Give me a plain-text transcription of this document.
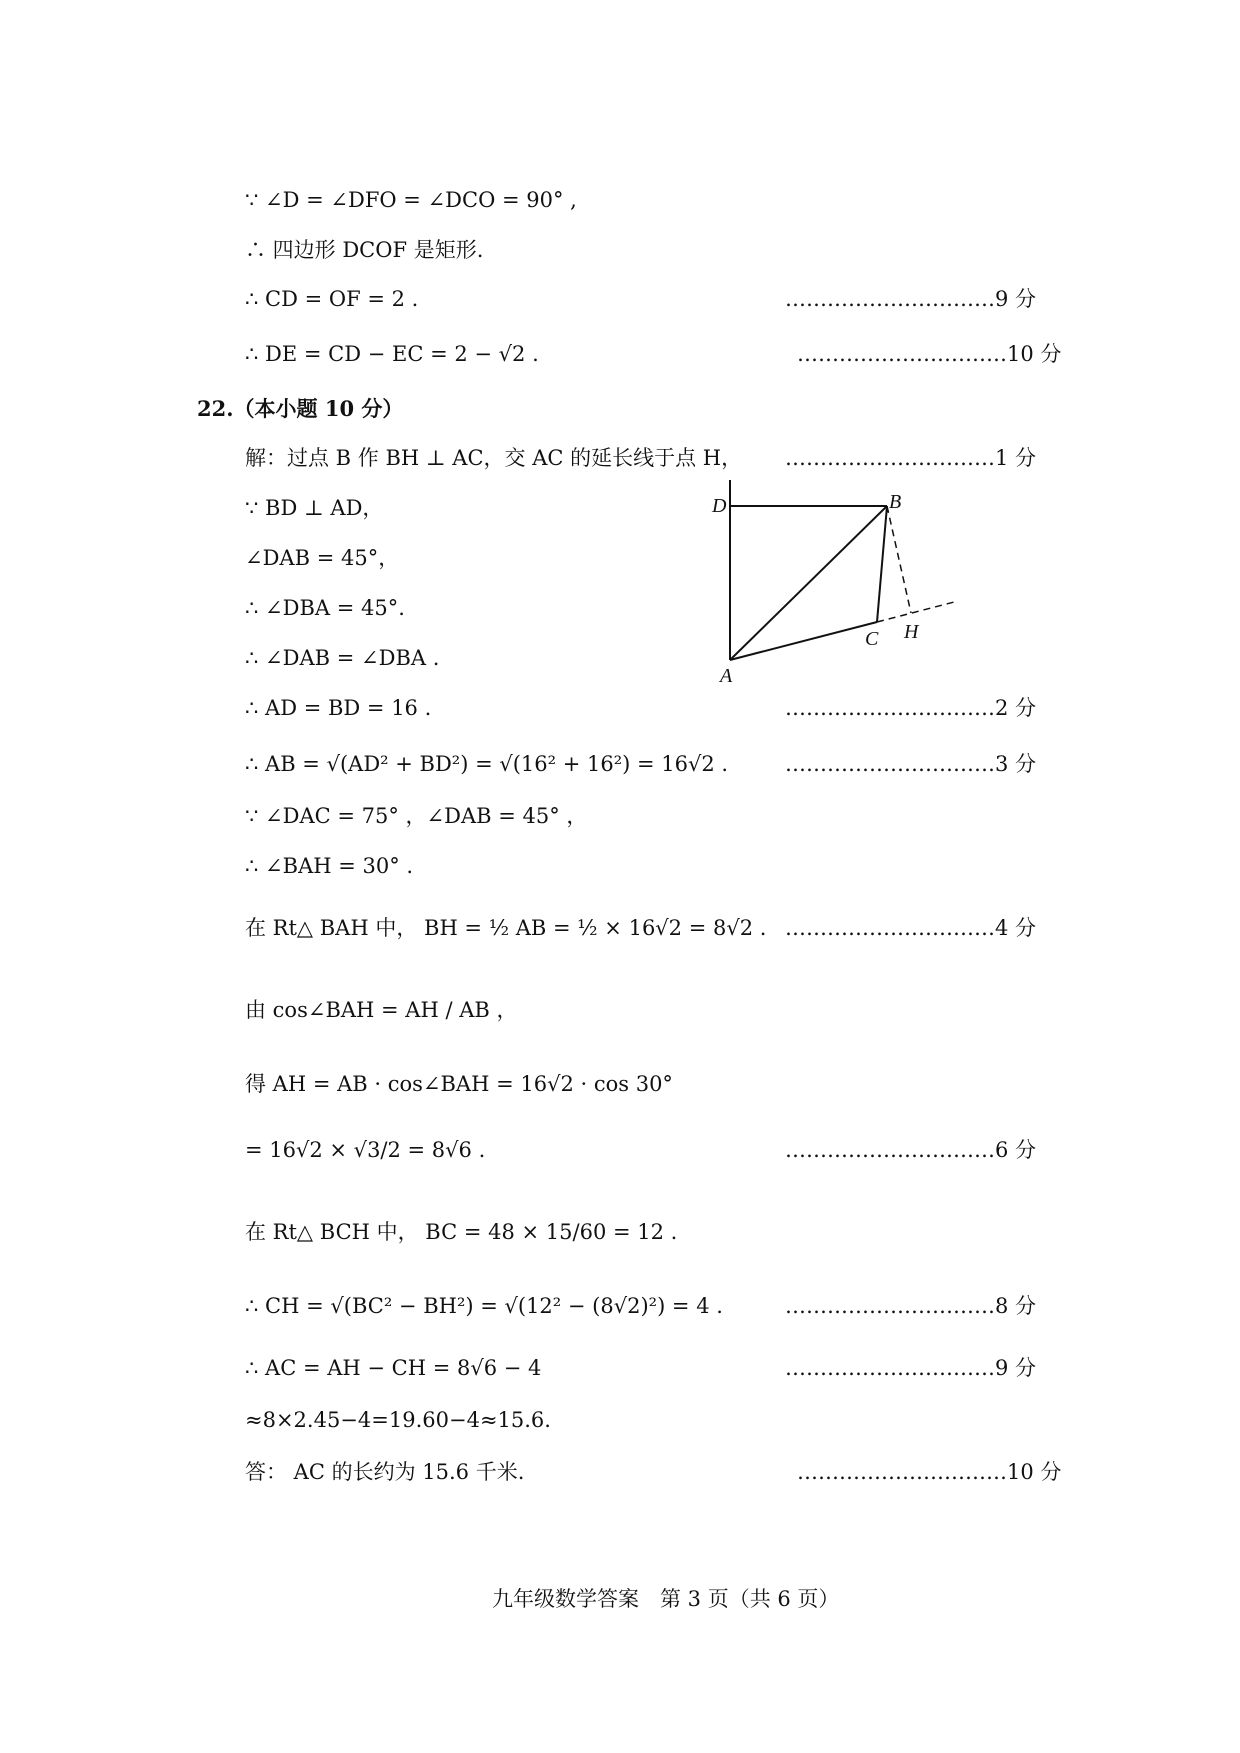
∵ ∠D = ∠DFO = ∠DCO = 90° ,
∴ 四边形 DCOF 是矩形.
∴ CD = OF = 2 .	…………………………9 分
∴ DE = CD − EC = 2 − √2 .	…………………………10 分
22.（本小题 10 分）
解：过点 B 作 BH ⊥ AC，交 AC 的延长线于点 H， …………………………1 分
∵ BD ⊥ AD，
∠DAB = 45°，
∴ ∠DBA = 45°.
∴ ∠DAB = ∠DBA .
∴ AD = BD = 16 .	…………………………2 分
∴ AB = √(AD² + BD²) = √(16² + 16²) = 16√2 .	…………………………3 分
∵ ∠DAC = 75° ，∠DAB = 45° ，
∴ ∠BAH = 30° .
在 Rt△ BAH 中， BH = ½ AB = ½ × 16√2 = 8√2 . …………………………4 分
由 cos∠BAH = AH / AB ，
得 AH = AB · cos∠BAH = 16√2 · cos 30°
= 16√2 × √3/2 = 8√6 .	…………………………6 分
在 Rt△ BCH 中， BC = 48 × 15/60 = 12 .
∴ CH = √(BC² − BH²) = √(12² − (8√2)²) = 4 .	…………………………8 分
∴ AC = AH − CH = 8√6 − 4	…………………………9 分
≈8×2.45−4=19.60−4≈15.6.
答： AC 的长约为 15.6 千米.	…………………………10 分
D	B
C H
A
九年级数学答案　第 3 页（共 6 页）
